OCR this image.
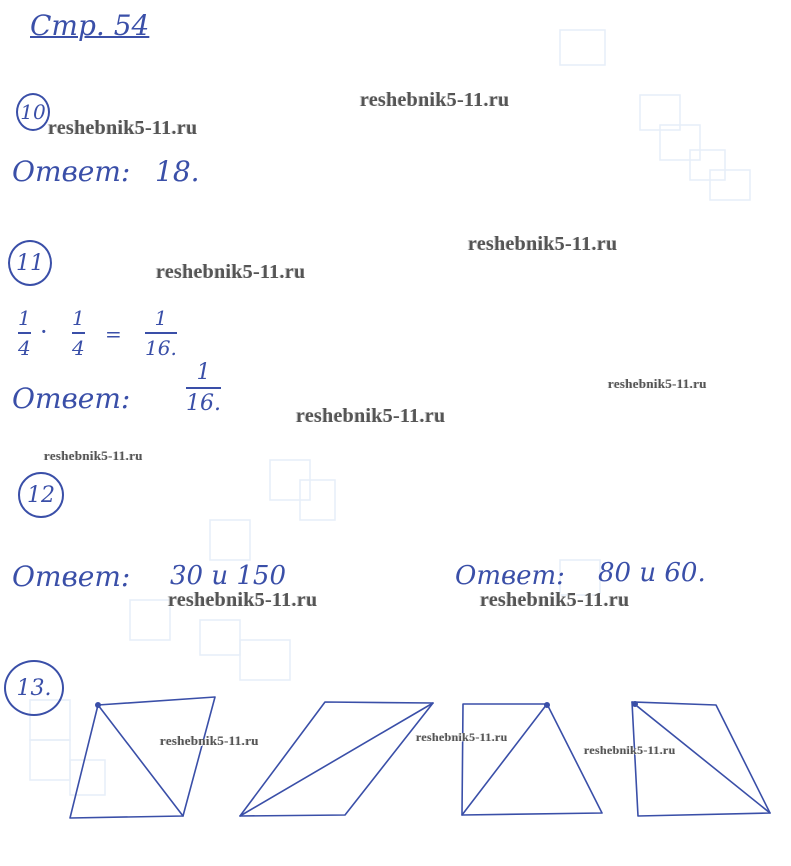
Стр. 54
10
Ответ: 18.
11
1
4
· 1
4
=
1
16.
Ответ:
1
16.
12
Ответ: 30 и 150	Ответ: 80 и 60.
13.
reshebnik5-11.ru
reshebnik5-11.ru
reshebnik5-11.ru
reshebnik5-11.ru
reshebnik5-11.ru
reshebnik5-11.ru
reshebnik5-11.ru
reshebnik5-11.ru	reshebnik5-11.ru
reshebnik5-11.ru	reshebnik5-11.ru
reshebnik5-11.ru
